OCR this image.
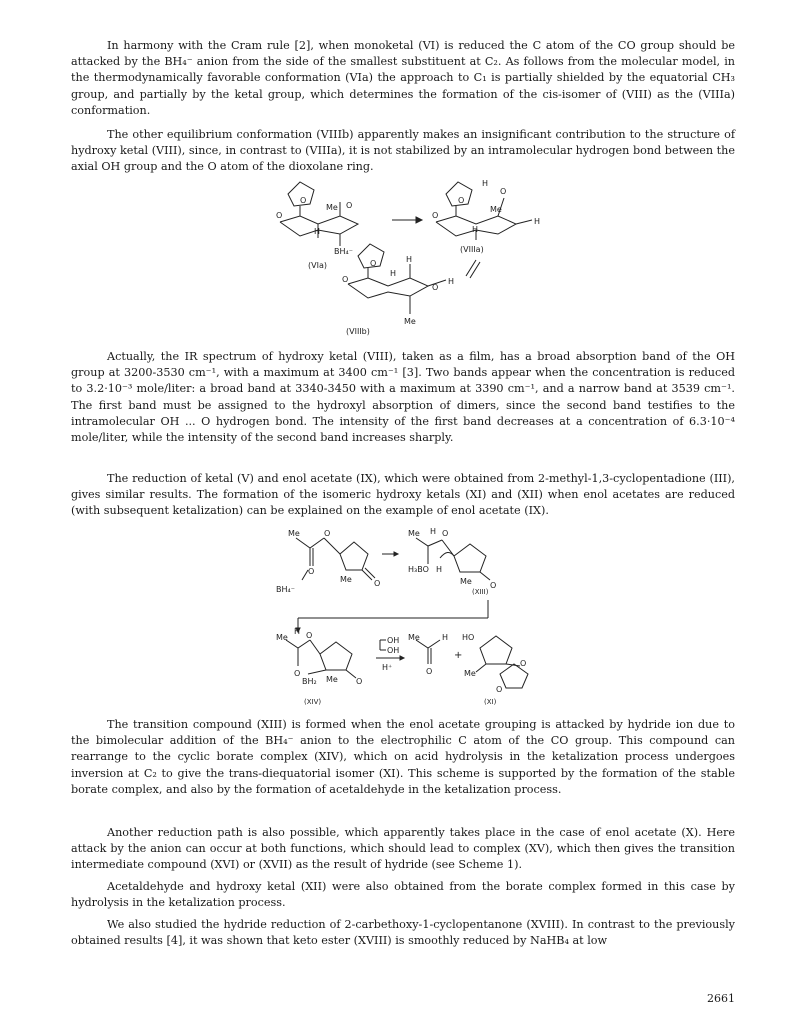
In harmony with the Cram rule [2], when monoketal (VI) is reduced the C atom of the CO group should be attacked by the BH₄⁻ anion from the side of the smallest substituent at C₂. As follows from the molecular model, in the thermodynamically favorable conformation (VIa) the approach to C₁ is partially shielded by the equatorial CH₃ group, and partially by the ketal group, which determines the formation of the cis-isomer of (VIII) as the (VIIIa) conformation.

The other equilibrium conformation (VIIIb) apparently makes an insignificant contribution to the structure of hydroxy ketal (VIII), since, in contrast to (VIIIa), it is not stabilized by an intramolecular hydrogen bond between the axial OH group and the O atom of the dioxolane ring.

O
O
Me O
H
BH₄⁻
(VIa)
O
O
H
O
Me
H
H
(VIIIa)
O
O
H
H
O
H
Me
(VIIIb)

Actually, the IR spectrum of hydroxy ketal (VIII), taken as a film, has a broad absorption band of the OH group at 3200-3530 cm⁻¹, with a maximum at 3400 cm⁻¹ [3]. Two bands appear when the concentration is reduced to 3.2·10⁻³ mole/liter: a broad band at 3340-3450 with a maximum at 3390 cm⁻¹, and a narrow band at 3539 cm⁻¹. The first band must be assigned to the hydroxyl absorption of dimers, since the second band testifies to the intramolecular OH ... O hydrogen bond. The intensity of the first band decreases at a concentration of 6.3·10⁻⁴ mole/liter, while the intensity of the second band increases sharply.

The reduction of ketal (V) and enol acetate (IX), which were obtained from 2-methyl-1,3-cyclopentadione (III), gives similar results. The formation of the isomeric hydroxy ketals (XI) and (XII) when enol acetates are reduced (with subsequent ketalization) can be explained on the example of enol acetate (IX).

Me	O
O
Me	O
BH₄⁻
Me H O
H₃BO H
Me O
(XIII)
Me
H O
O
BH₂ Me O
(XIV)
OH
OH
H⁺
Me	H
O
+
HO
Me
O
O
(XI)

The transition compound (XIII) is formed when the enol acetate grouping is attacked by hydride ion due to the bimolecular addition of the BH₄⁻ anion to the electrophilic C atom of the CO group. This compound can rearrange to the cyclic borate complex (XIV), which on acid hydrolysis in the ketalization process undergoes inversion at C₂ to give the trans-diequatorial isomer (XI). This scheme is supported by the formation of the stable borate complex, and also by the formation of acetaldehyde in the ketalization process.

Another reduction path is also possible, which apparently takes place in the case of enol acetate (X). Here attack by the anion can occur at both functions, which should lead to complex (XV), which then gives the transition intermediate compound (XVI) or (XVII) as the result of hydride (see Scheme 1).

Acetaldehyde and hydroxy ketal (XII) were also obtained from the borate complex formed in this case by hydrolysis in the ketalization process.

We also studied the hydride reduction of 2-carbethoxy-1-cyclopentanone (XVIII). In contrast to the previously obtained results [4], it was shown that keto ester (XVIII) is smoothly reduced by NaHB₄ at low

2661
